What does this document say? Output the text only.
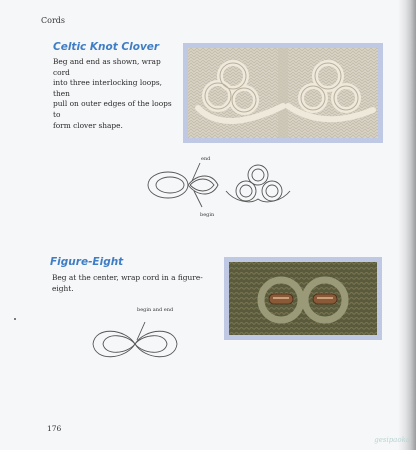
Cords
Celtic Knot Clover
Beg and end as shown, wrap cord
into three interlocking loops, then
pull on outer edges of the loops to
form clover shape.
end
begin
Figure-Eight
Beg at the center, wrap cord in a figure-eight.
begin and end
176
gesipaoka
